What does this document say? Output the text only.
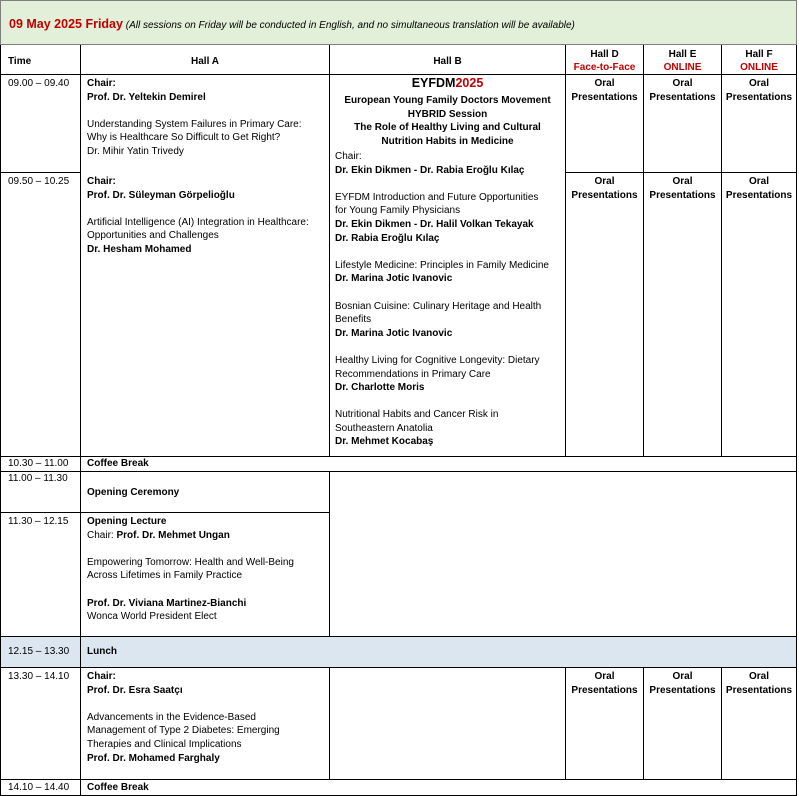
09 May 2025 Friday (All sessions on Friday will be conducted in English, and no simultaneous translation will be available)
Time	Hall A	Hall B
Hall D
Face-to-Face
Hall E
ONLINE
Hall F
ONLINE
09.00 – 09.40
09.50 – 10.25
10.30 – 11.00
11.00 – 11.30
11.30 – 12.15
12.15 – 13.30
13.30 – 14.10
14.10 – 14.40
Chair:
Prof. Dr. Yeltekin Demirel
Understanding System Failures in Primary Care:
Why is Healthcare So Difficult to Get Right?
Dr. Mihir Yatin Trivedy
Chair:
Prof. Dr. Süleyman Görpelioğlu
Artificial Intelligence (AI) Integration in Healthcare:
Opportunities and Challenges
Dr. Hesham Mohamed
Coffee Break
Opening Ceremony
Opening Lecture
Chair: Prof. Dr. Mehmet Ungan
Empowering Tomorrow: Health and Well-Being
Across Lifetimes in Family Practice
Prof. Dr. Viviana Martinez-Bianchi
Wonca World President Elect
Lunch
Chair:
Prof. Dr. Esra Saatçı
Advancements in the Evidence-Based
Management of Type 2 Diabetes: Emerging
Therapies and Clinical Implications
Prof. Dr. Mohamed Farghaly
Coffee Break
EYFDM2025
European Young Family Doctors Movement
HYBRID Session
The Role of Healthy Living and Cultural
Nutrition Habits in Medicine
Chair:
Dr. Ekin Dikmen - Dr. Rabia Eroğlu Kılaç
EYFDM Introduction and Future Opportunities
for Young Family Physicians
Dr. Ekin Dikmen - Dr. Halil Volkan Tekayak
Dr. Rabia Eroğlu Kılaç
Lifestyle Medicine: Principles in Family Medicine
Dr. Marina Jotic Ivanovic
Bosnian Cuisine: Culinary Heritage and Health
Benefits
Dr. Marina Jotic Ivanovic
Healthy Living for Cognitive Longevity: Dietary
Recommendations in Primary Care
Dr. Charlotte Moris
Nutritional Habits and Cancer Risk in
Southeastern Anatolia
Dr. Mehmet Kocabaş
Oral
Presentations
Oral
Presentations
Oral
Presentations
Oral
Presentations
Oral
Presentations
Oral
Presentations
Oral
Presentations
Oral
Presentations
Oral
Presentations
